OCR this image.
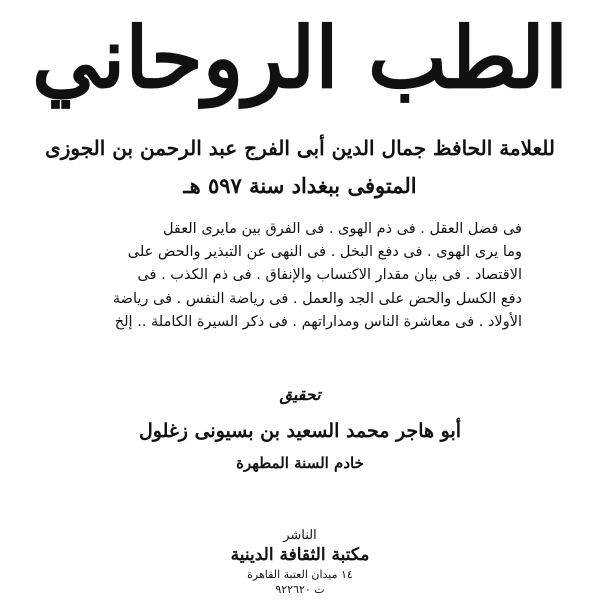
الطب الروحاني
للعلامة الحافظ جمال الدين أبى الفرج عبد الرحمن بن الجوزى
المتوفى ببغداد سنة ٥٩٧ هـ
فى فضل العقل . فى ذم الهوى . فى الفرق بين مايرى العقل
وما يرى الهوى . فى دفع البخل . فى النهى عن التبذير والحض على
الاقتصاد . فى بيان مقدار الاكتساب والإنفاق . فى ذم الكذب . فى
دفع الكسل والحض على الجد والعمل . فى رياضة النفس . فى رياضة
الأولاد . فى معاشرة الناس ومداراتهم . فى ذكر السيرة الكاملة .. إلخ
تحقيق
أبو هاجر محمد السعيد بن بسيونى زغلول
خادم السنة المطهرة
الناشر
مكتبة الثقافة الدينية
١٤ ميدان العتبة القاهرة
ت ٩٢٢٦٢٠
